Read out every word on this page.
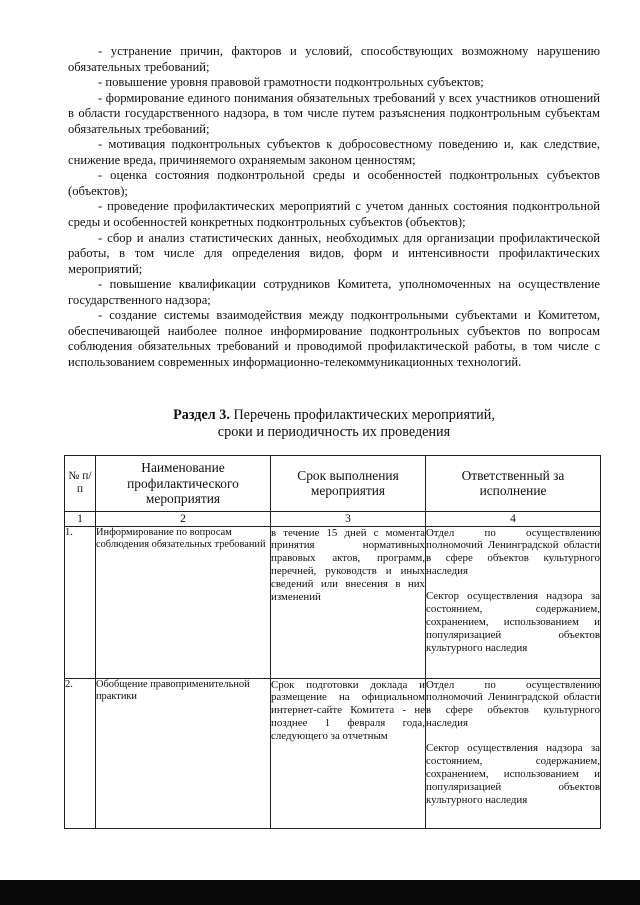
- устранение причин, факторов и условий, способствующих возможному нарушению обязательных требований;

- повышение уровня правовой грамотности подконтрольных субъектов;

- формирование единого понимания обязательных требований у всех участников отношений в области государственного надзора, в том числе путем разъяснения подконтрольным субъектам обязательных требований;

- мотивация подконтрольных субъектов к добросовестному поведению и, как следствие, снижение вреда, причиняемого охраняемым законом ценностям;

- оценка состояния подконтрольной среды и особенностей подконтрольных субъектов (объектов);

- проведение профилактических мероприятий с учетом данных состояния подконтрольной среды и особенностей конкретных подконтрольных субъектов (объектов);

- сбор и анализ статистических данных, необходимых для организации профилактической работы, в том числе для определения видов, форм и интенсивности профилактических мероприятий;

- повышение квалификации сотрудников Комитета, уполномоченных на осуществление государственного надзора;

- создание системы взаимодействия между подконтрольными субъектами и Комитетом, обеспечивающей наиболее полное информирование подконтрольных субъектов по вопросам соблюдения обязательных требований и проводимой профилактической работы, в том числе с использованием современных информационно-телекоммуникационных технологий.

Раздел 3. Перечень профилактических мероприятий,
сроки и периодичность их проведения
№ п/п	Наименование профилактического мероприятия	Срок выполнения мероприятия	Ответственный за исполнение
1	2	3	4
1.	Информирование по вопросам соблюдения обязательных требований	в течение 15 дней с момента принятия нормативных правовых актов, программ, перечней, руководств и иных сведений или внесения в них изменений	Отдел по осуществлению полномочий Ленинградской области в сфере объектов культурного наследия

Сектор осуществления надзора за состоянием, содержанием, сохранением, использованием и популяризацией объектов культурного наследия

2.	Обобщение правоприменительной практики	Срок подготовки доклада и размещение на официальном интернет-сайте Комитета - не позднее 1 февраля года, следующего за отчетным	Отдел по осуществлению полномочий Ленинградской области в сфере объектов культурного наследия

Сектор осуществления надзора за состоянием, содержанием, сохранением, использованием и популяризацией объектов культурного наследия
